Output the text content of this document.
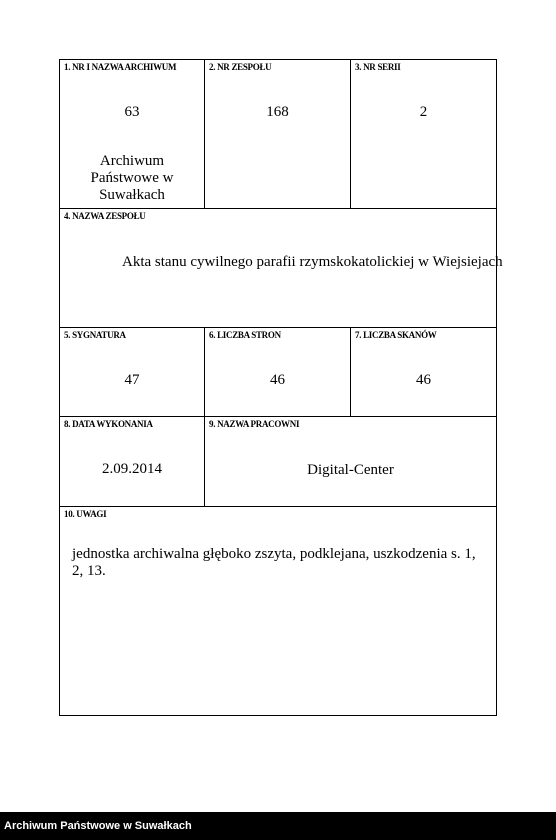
1. NR I NAZWA ARCHIWUM
63
Archiwum Państwowe w Suwałkach
2. NR ZESPOŁU
168
3. NR SERII
2
4. NAZWA ZESPOŁU
Akta stanu cywilnego parafii rzymskokatolickiej w Wiejsiejach
5. SYGNATURA
47
6. LICZBA STRON
46
7. LICZBA SKANÓW
46
8. DATA WYKONANIA
2.09.2014
9. NAZWA PRACOWNI
Digital-Center
10. UWAGI
jednostka archiwalna głęboko zszyta, podklejana, uszkodzenia s. 1, 2, 13.
Archiwum Państwowe w Suwałkach
